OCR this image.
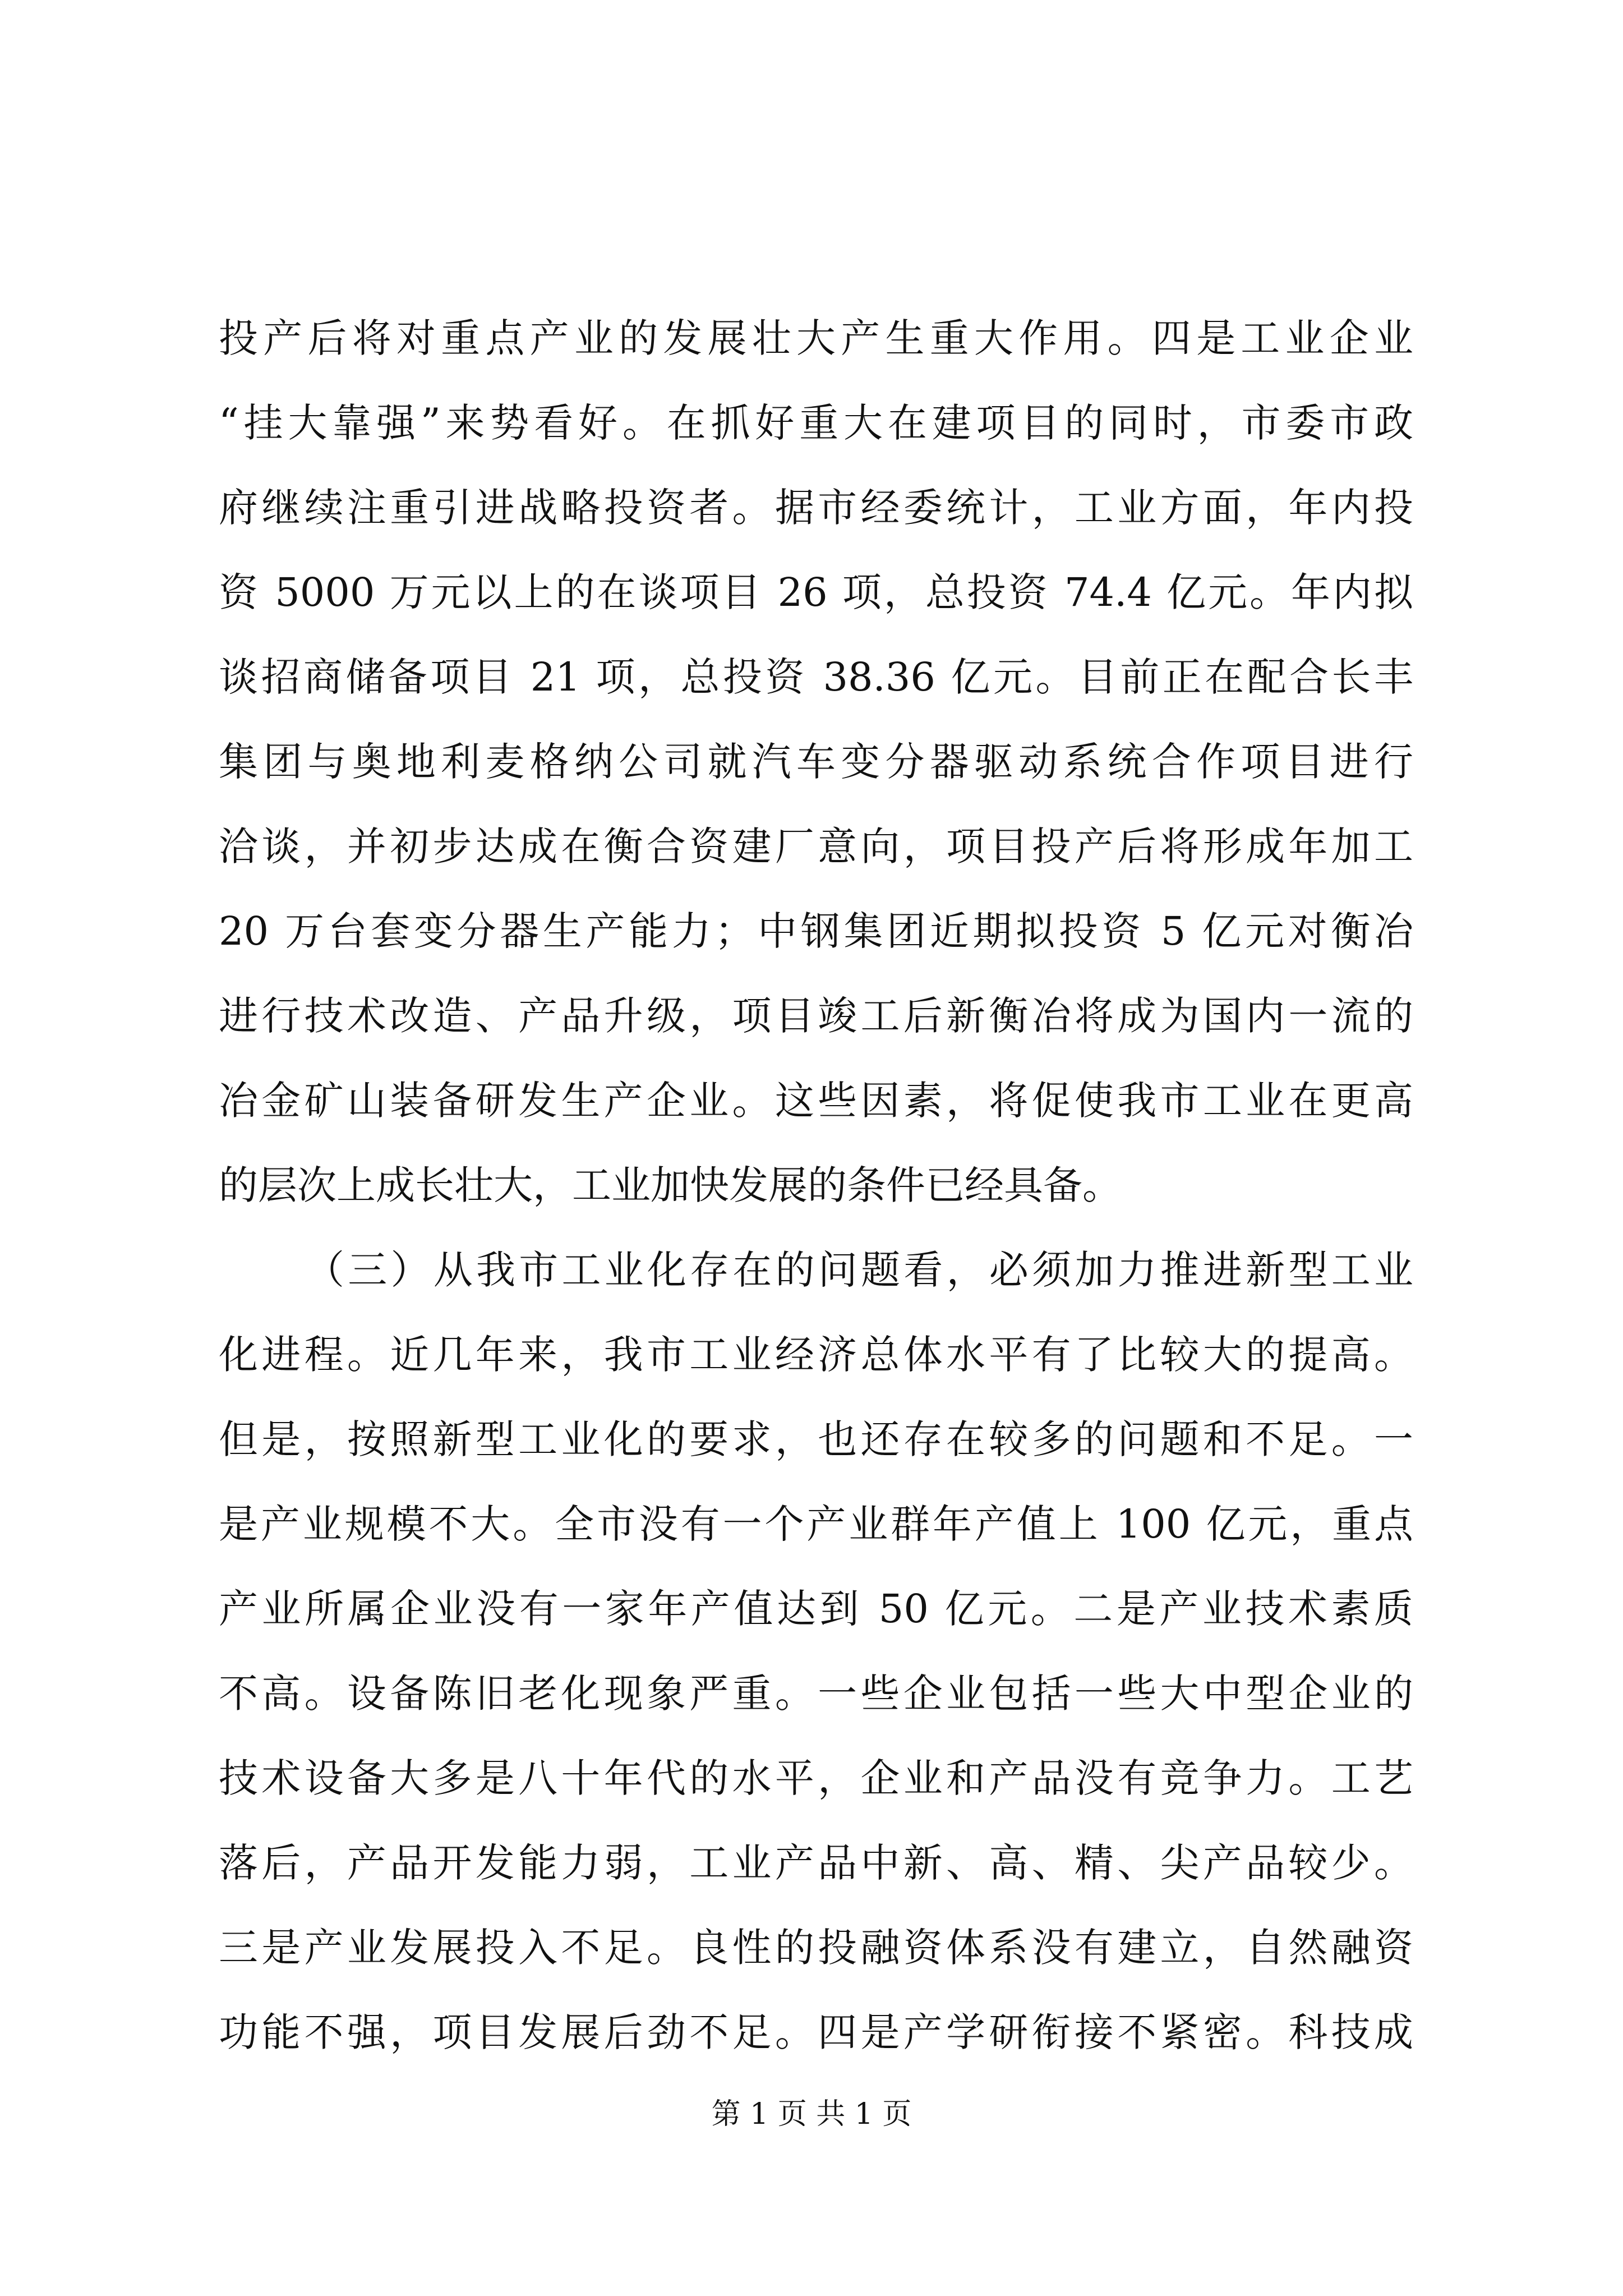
投产后将对重点产业的发展壮大产生重大作用。四是工业企业
“挂大靠强”来势看好。在抓好重大在建项目的同时，市委市政
府继续注重引进战略投资者。据市经委统计，工业方面，年内投
资 5000 万元以上的在谈项目 26 项，总投资 74.4 亿元。年内拟
谈招商储备项目 21 项，总投资 38.36 亿元。目前正在配合长丰
集团与奥地利麦格纳公司就汽车变分器驱动系统合作项目进行
洽谈，并初步达成在衡合资建厂意向，项目投产后将形成年加工
20 万台套变分器生产能力；中钢集团近期拟投资 5 亿元对衡冶
进行技术改造、产品升级，项目竣工后新衡冶将成为国内一流的
冶金矿山装备研发生产企业。这些因素，将促使我市工业在更高
的层次上成长壮大，工业加快发展的条件已经具备。
（三）从我市工业化存在的问题看，必须加力推进新型工业
化进程。近几年来，我市工业经济总体水平有了比较大的提高。
但是，按照新型工业化的要求，也还存在较多的问题和不足。一
是产业规模不大。全市没有一个产业群年产值上 100 亿元，重点
产业所属企业没有一家年产值达到 50 亿元。二是产业技术素质
不高。设备陈旧老化现象严重。一些企业包括一些大中型企业的
技术设备大多是八十年代的水平，企业和产品没有竞争力。工艺
落后，产品开发能力弱，工业产品中新、高、精、尖产品较少。
三是产业发展投入不足。良性的投融资体系没有建立，自然融资
功能不强，项目发展后劲不足。四是产学研衔接不紧密。科技成
第 1 页 共 1 页
